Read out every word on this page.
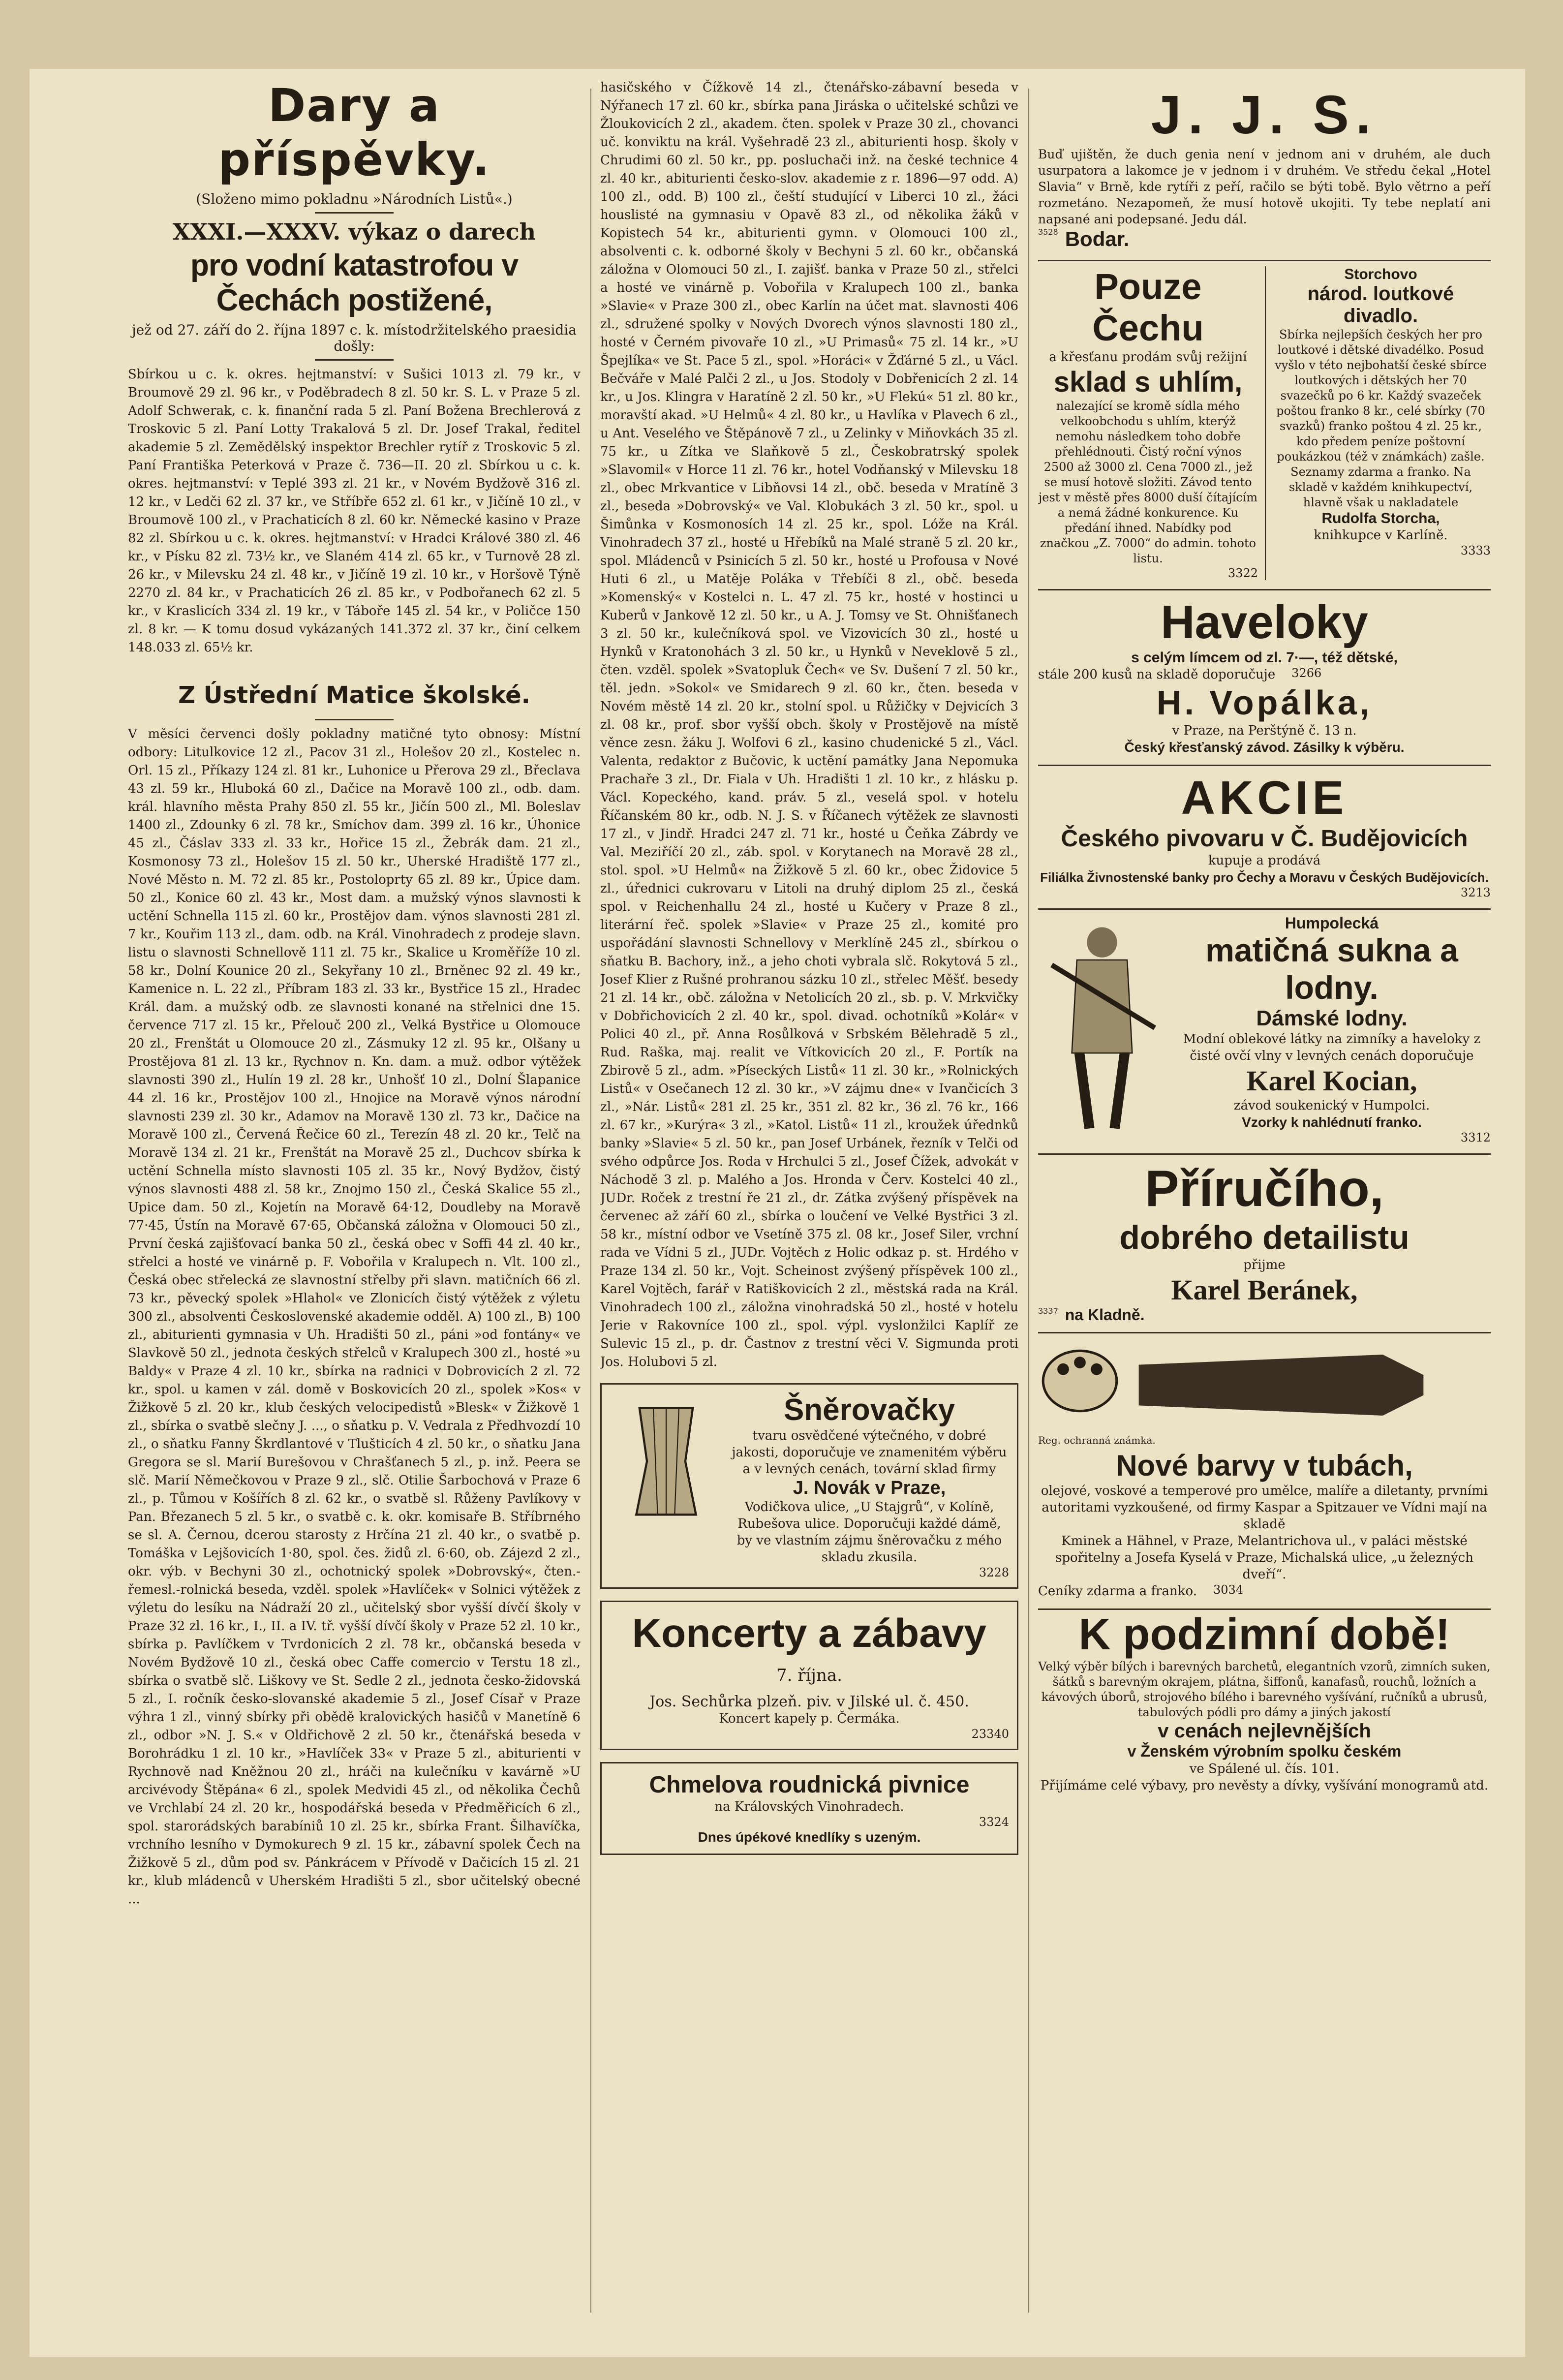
Dary a příspěvky.
(Složeno mimo pokladnu »Národních Listů«.)
XXXI.—XXXV. výkaz o darech
pro vodní katastrofou v Čechách postižené,
jež od 27. září do 2. října 1897 c. k. místodržitelského praesidia došly:

Sbírkou u c. k. okres. hejtmanství: v Sušici 1013 zl. 79 kr., v Broumově 29 zl. 96 kr., v Poděbradech 8 zl. 50 kr. S. L. v Praze 5 zl. Adolf Schwerak, c. k. finanční rada 5 zl. Paní Božena Brechlerová z Troskovic 5 zl. Paní Lotty Trakalová 5 zl. Dr. Josef Trakal, ředitel akademie 5 zl. Zemědělský inspektor Brechler rytíř z Troskovic 5 zl. Paní Františka Peterková v Praze č. 736—II. 20 zl. Sbírkou u c. k. okres. hejtmanství: v Teplé 393 zl. 21 kr., v Novém Bydžově 316 zl. 12 kr., v Ledči 62 zl. 37 kr., ve Stříbře 652 zl. 61 kr., v Jičíně 10 zl., v Broumově 100 zl., v Prachaticích 8 zl. 60 kr. Německé kasino v Praze 82 zl. Sbírkou u c. k. okres. hejtmanství: v Hradci Králové 380 zl. 46 kr., v Písku 82 zl. 73½ kr., ve Slaném 414 zl. 65 kr., v Turnově 28 zl. 26 kr., v Milevsku 24 zl. 48 kr., v Jičíně 19 zl. 10 kr., v Horšově Týně 2270 zl. 84 kr., v Prachaticích 26 zl. 85 kr., v Podbořanech 62 zl. 5 kr., v Kraslicích 334 zl. 19 kr., v Táboře 145 zl. 54 kr., v Poličce 150 zl. 8 kr. — K tomu dosud vykázaných 141.372 zl. 37 kr., činí celkem 148.033 zl. 65½ kr.

Z Ústřední Matice školské.

V měsíci červenci došly pokladny matičné tyto obnosy: Místní odbory: Litulkovice 12 zl., Pacov 31 zl., Holešov 20 zl., Kostelec n. Orl. 15 zl., Příkazy 124 zl. 81 kr., Luhonice u Přerova 29 zl., Břeclava 43 zl. 59 kr., Hluboká 60 zl., Dačice na Moravě 100 zl., odb. dam. král. hlavního města Prahy 850 zl. 55 kr., Jičín 500 zl., Ml. Boleslav 1400 zl., Zdounky 6 zl. 78 kr., Smíchov dam. 399 zl. 16 kr., Úhonice 45 zl., Čáslav 333 zl. 33 kr., Hořice 15 zl., Žebrák dam. 21 zl., Kosmonosy 73 zl., Holešov 15 zl. 50 kr., Uherské Hradiště 177 zl., Nové Město n. M. 72 zl. 85 kr., Postoloprty 65 zl. 89 kr., Úpice dam. 50 zl., Konice 60 zl. 43 kr., Most dam. a mužský výnos slavnosti k uctění Schnella 115 zl. 60 kr., Prostějov dam. výnos slavnosti 281 zl. 7 kr., Kouřim 113 zl., dam. odb. na Král. Vinohradech z prodeje slavn. listu o slavnosti Schnellově 111 zl. 75 kr., Skalice u Kroměříže 10 zl. 58 kr., Dolní Kounice 20 zl., Sekyřany 10 zl., Brněnec 92 zl. 49 kr., Kamenice n. L. 22 zl., Příbram 183 zl. 33 kr., Bystřice 15 zl., Hradec Král. dam. a mužský odb. ze slavnosti konané na střelnici dne 15. července 717 zl. 15 kr., Přelouč 200 zl., Velká Bystřice u Olomouce 20 zl., Frenštát u Olomouce 20 zl., Zásmuky 12 zl. 95 kr., Olšany u Prostějova 81 zl. 13 kr., Rychnov n. Kn. dam. a muž. odbor výtěžek slavnosti 390 zl., Hulín 19 zl. 28 kr., Unhošť 10 zl., Dolní Šlapanice 44 zl. 16 kr., Prostějov 100 zl., Hnojice na Moravě výnos národní slavnosti 239 zl. 30 kr., Adamov na Moravě 130 zl. 73 kr., Dačice na Moravě 100 zl., Červená Řečice 60 zl., Terezín 48 zl. 20 kr., Telč na Moravě 134 zl. 21 kr., Frenštát na Moravě 25 zl., Duchcov sbírka k uctění Schnella místo slavnosti 105 zl. 35 kr., Nový Bydžov, čistý výnos slavnosti 488 zl. 58 kr., Znojmo 150 zl., Česká Skalice 55 zl., Upice dam. 50 zl., Kojetín na Moravě 64·12, Doudleby na Moravě 77·45, Ústín na Moravě 67·65, Občanská záložna v Olomouci 50 zl., První česká zajišťovací banka 50 zl., česká obec v Soffi 44 zl. 40 kr., střelci a hosté ve vinárně p. F. Vobořila v Kralupech n. Vlt. 100 zl., Česká obec střelecká ze slavnostní střelby při slavn. matičních 66 zl. 73 kr., pěvecký spolek »Hlahol« ve Zlonicích čistý výtěžek z výletu 300 zl., absolventi Československé akademie odděl. A) 100 zl., B) 100 zl., abiturienti gymnasia v Uh. Hradišti 50 zl., páni »od fontány« ve Slavkově 50 zl., jednota českých střelců v Kralupech 300 zl., hosté »u Baldy« v Praze 4 zl. 10 kr., sbírka na radnici v Dobrovicích 2 zl. 72 kr., spol. u kamen v zál. domě v Boskovicích 20 zl., spolek »Kos« v Žižkově 5 zl. 20 kr., klub českých velocipedistů »Blesk« v Žižkově 1 zl., sbírka o svatbě slečny J. ..., o sňatku p. V. Vedrala z Předhvozdí 10 zl., o sňatku Fanny Škrdlantové v Tlušticích 4 zl. 50 kr., o sňatku Jana Gregora se sl. Marií Burešovou v Chrašťanech 5 zl., p. inž. Peera se slč. Marií Němečkovou v Praze 9 zl., slč. Otilie Šarbochová v Praze 6 zl., p. Tůmou v Košířích 8 zl. 62 kr., o svatbě sl. Růženy Pavlíkovy v Pan. Březanech 5 zl. 5 kr., o svatbě c. k. okr. komisaře B. Stříbrného se sl. A. Černou, dcerou starosty z Hrčína 21 zl. 40 kr., o svatbě p. Tomáška v Lejšovicích 1·80, spol. čes. židů zl. 6·60, ob. Zájezd 2 zl., okr. výb. v Bechyni 30 zl., ochotnický spolek »Dobrovský«, čten.-řemesl.-rolnická beseda, vzděl. spolek »Havlíček« v Solnici výtěžek z výletu do lesíku na Nádraží 20 zl., učitelský sbor vyšší dívčí školy v Praze 32 zl. 16 kr., I., II. a IV. tř. vyšší dívčí školy v Praze 52 zl. 10 kr., sbírka p. Pavlíčkem v Tvrdonicích 2 zl. 78 kr., občanská beseda v Novém Bydžově 10 zl., česká obec Caffe comercio v Terstu 18 zl., sbírka o svatbě slč. Liškovy ve St. Sedle 2 zl., jednota česko-židovská 5 zl., I. ročník česko-slovanské akademie 5 zl., Josef Císař v Praze výhra 1 zl., vinný sbírky při obědě kralovických hasičů v Manetíně 6 zl., odbor »N. J. S.« v Oldřichově 2 zl. 50 kr., čtenářská beseda v Borohrádku 1 zl. 10 kr., »Havlíček 33« v Praze 5 zl., abiturienti v Rychnově nad Kněžnou 20 zl., hráči na kulečníku v kavárně »U arcivévody Štěpána« 6 zl., spolek Medvidi 45 zl., od několika Čechů ve Vrchlabí 24 zl. 20 kr., hospodářská beseda v Předměřicích 6 zl., spol. starorádských barabíniů 10 zl. 25 kr., sbírka Frant. Šilhavíčka, vrchního lesního v Dymokurech 9 zl. 15 kr., zábavní spolek Čech na Žižkově 5 zl., dům pod sv. Pánkrácem v Přívodě v Dačicích 15 zl. 21 kr., klub mládenců v Uherském Hradišti 5 zl., sbor učitelský obecné ...

hasičského v Čížkově 14 zl., čtenářsko-zábavní beseda v Nýřanech 17 zl. 60 kr., sbírka pana Jiráska o učitelské schůzi ve Žloukovicích 2 zl., akadem. čten. spolek v Praze 30 zl., chovanci uč. konviktu na král. Vyšehradě 23 zl., abiturienti hosp. školy v Chrudimi 60 zl. 50 kr., pp. posluchači inž. na české technice 4 zl. 40 kr., abiturienti česko-slov. akademie z r. 1896—97 odd. A) 100 zl., odd. B) 100 zl., čeští studující v Liberci 10 zl., žáci houslisté na gymnasiu v Opavě 83 zl., od několika žáků v Kopistech 54 kr., abiturienti gymn. v Olomouci 100 zl., absolventi c. k. odborné školy v Bechyni 5 zl. 60 kr., občanská záložna v Olomouci 50 zl., I. zajišť. banka v Praze 50 zl., střelci a hosté ve vinárně p. Vobořila v Kralupech 100 zl., banka »Slavie« v Praze 300 zl., obec Karlín na účet mat. slavnosti 406 zl., sdružené spolky v Nových Dvorech výnos slavnosti 180 zl., hosté v Černém pivovaře 10 zl., »U Primasů« 75 zl. 14 kr., »U Špejlíka« ve St. Pace 5 zl., spol. »Horáci« v Žďárné 5 zl., u Václ. Bečváře v Malé Palči 2 zl., u Jos. Stodoly v Dobřenicích 2 zl. 14 kr., u Jos. Klingra v Haratíně 2 zl. 50 kr., »U Flekú« 51 zl. 80 kr., moravští akad. »U Helmů« 4 zl. 80 kr., u Havlíka v Plavech 6 zl., u Ant. Veselého ve Štěpánově 7 zl., u Zelinky v Miňovkách 35 zl. 75 kr., u Zítka ve Slaňkově 5 zl., Českobratrský spolek »Slavomil« v Horce 11 zl. 76 kr., hotel Vodňanský v Milevsku 18 zl., obec Mrkvantice v Libňovsi 14 zl., obč. beseda v Mratíně 3 zl., beseda »Dobrovský« ve Val. Klobukách 3 zl. 50 kr., spol. u Šimůnka v Kosmonosích 14 zl. 25 kr., spol. Lóže na Král. Vinohradech 37 zl., hosté u Hřebíků na Malé straně 5 zl. 20 kr., spol. Mládenců v Psinicích 5 zl. 50 kr., hosté u Profousa v Nové Huti 6 zl., u Matěje Poláka v Třebíči 8 zl., obč. beseda »Komenský« v Kostelci n. L. 47 zl. 75 kr., hosté v hostinci u Kuberů v Jankově 12 zl. 50 kr., u A. J. Tomsy ve St. Ohnišťanech 3 zl. 50 kr., kulečníková spol. ve Vizovicích 30 zl., hosté u Hynků v Kratonohách 3 zl. 50 kr., u Hynků v Neveklově 5 zl., čten. vzděl. spolek »Svatopluk Čech« ve Sv. Dušení 7 zl. 50 kr., těl. jedn. »Sokol« ve Smidarech 9 zl. 60 kr., čten. beseda v Novém městě 14 zl. 20 kr., stolní spol. u Růžičky v Dejvicích 3 zl. 08 kr., prof. sbor vyšší obch. školy v Prostějově na místě věnce zesn. žáku J. Wolfovi 6 zl., kasino chudenické 5 zl., Václ. Valenta, redaktor z Bučovic, k uctění památky Jana Nepomuka Prachaře 3 zl., Dr. Fiala v Uh. Hradišti 1 zl. 10 kr., z hlásku p. Václ. Kopeckého, kand. práv. 5 zl., veselá spol. v hotelu Říčanském 80 kr., odb. N. J. S. v Říčanech výtěžek ze slavnosti 17 zl., v Jindř. Hradci 247 zl. 71 kr., hosté u Čeňka Zábrdy ve Val. Meziříčí 20 zl., záb. spol. v Korytanech na Moravě 28 zl., stol. spol. »U Helmů« na Žižkově 5 zl. 60 kr., obec Židovice 5 zl., úřednici cukrovaru v Litoli na druhý diplom 25 zl., česká spol. v Reichenhallu 24 zl., hosté u Kučery v Praze 8 zl., literární řeč. spolek »Slavie« v Praze 25 zl., komité pro uspořádání slavnosti Schnellovy v Merklíně 245 zl., sbírkou o sňatku B. Bachory, inž., a jeho choti vybrala slč. Rokytová 5 zl., Josef Klier z Rušné prohranou sázku 10 zl., střelec Měšť. besedy 21 zl. 14 kr., obč. záložna v Netolicích 20 zl., sb. p. V. Mrkvičky v Dobřichovicích 2 zl. 40 kr., spol. divad. ochotníků »Kolár« v Polici 40 zl., př. Anna Rosůlková v Srbském Bělehradě 5 zl., Rud. Raška, maj. realit ve Vítkovicích 20 zl., F. Portík na Zbirově 5 zl., adm. »Píseckých Listů« 11 zl. 30 kr., »Rolnických Listů« v Osečanech 12 zl. 30 kr., »V zájmu dne« v Ivančicích 3 zl., »Nár. Listů« 281 zl. 25 kr., 351 zl. 82 kr., 36 zl. 76 kr., 166 zl. 67 kr., »Kurýra« 3 zl., »Katol. Listů« 11 zl., kroužek úřednků banky »Slavie« 5 zl. 50 kr., pan Josef Urbánek, řezník v Telči od svého odpůrce Jos. Roda v Hrchulci 5 zl., Josef Čížek, advokát v Náchodě 3 zl. p. Malého a Jos. Hronda v Červ. Kostelci 40 zl., JUDr. Roček z trestní ře 21 zl., dr. Zátka zvýšený příspěvek na červenec až září 60 zl., sbírka o loučení ve Velké Bystřici 3 zl. 58 kr., místní odbor ve Vsetíně 375 zl. 08 kr., Josef Siler, vrchní rada ve Vídni 5 zl., JUDr. Vojtěch z Holic odkaz p. st. Hrdého v Praze 134 zl. 50 kr., Vojt. Scheinost zvýšený příspěvek 100 zl., Karel Vojtěch, farář v Ratiškovicích 2 zl., městská rada na Král. Vinohradech 100 zl., záložna vinohradská 50 zl., hosté v hotelu Jerie v Rakovníce 100 zl., spol. výpl. vyslonžilci Kaplíř ze Sulevic 15 zl., p. dr. Častnov z trestní věci V. Sigmunda proti Jos. Holubovi 5 zl.

Šněrovačky
tvaru osvědčené výtečného, v dobré jakosti, doporučuje ve znamenitém výběru a v levných cenách, tovární sklad firmy
J. Novák v Praze,
Vodičkova ulice, „U Stajgrů“, v Kolíně, Rubešova ulice. Doporučuji každé dámě, by ve vlastním zájmu šněrovačku z mého skladu zkusila.
3228
Koncerty a zábavy
7. října.
Jos. Sechůrka plzeň. piv. v Jilské ul. č. 450.
Koncert kapely p. Čermáka.
23340
Chmelova roudnická pivnice
na Královských Vinohradech.
3324
Dnes úpékové knedlíky s uzeným.
J. J. S.

Buď ujištěn, že duch genia není v jednom ani v druhém, ale duch usurpatora a lakomce je v jednom i v druhém. Ve středu čekal „Hotel Slavia“ v Brně, kde rytíři z peří, račilo se býti tobě. Bylo větrno a peří rozmetáno. Nezapomeň, že musí hotově ukojiti. Ty tebe neplatí ani napsané ani podepsané. Jedu dál.

3528 Bodar.
Pouze Čechu
a křesťanu prodám svůj režijní
sklad s uhlím,
nalezající se kromě sídla mého velkoobchodu s uhlím, kterýž nemohu následkem toho dobře přehlédnouti. Čistý roční výnos 2500 až 3000 zl. Cena 7000 zl., jež se musí hotově složiti. Závod tento jest v městě přes 8000 duší čítajícím a nemá žádné konkurence. Ku předání ihned. Nabídky pod značkou „Z. 7000“ do admin. tohoto listu.
3322
Storchovo
národ. loutkové divadlo.
Sbírka nejlepších českých her pro loutkové i dětské divadélko. Posud vyšlo v této nejbohatší české sbírce loutkových i dětských her 70 svazečků po 6 kr. Každý svazeček poštou franko 8 kr., celé sbírky (70 svazků) franko poštou 4 zl. 25 kr., kdo předem peníze poštovní poukázkou (též v známkách) zašle.
Seznamy zdarma a franko. Na skladě v každém knihkupectví, hlavně však u nakladatele
Rudolfa Storcha,
knihkupce v Karlíně.
3333
Haveloky
s celým límcem od zl. 7·—, též dětské,
stále 200 kusů na skladě doporučuje	3266
H. Vopálka,
v Praze, na Perštýně č. 13 n.
Český křesťanský závod. Zásilky k výběru.
AKCIE
Českého pivovaru v Č. Budějovicích
kupuje a prodává
Filiálka Živnostenské banky pro Čechy a Moravu v Českých Budějovicích.
3213
Humpolecká
matičná sukna a lodny.
Dámské lodny.
Modní oblekové látky na zimníky a haveloky z čisté ovčí vlny v levných cenách doporučuje
Karel Kocian,
závod soukenický v Humpolci.
Vzorky k nahlédnutí franko.
3312
Příručího,
dobrého detailistu
přijme
Karel Beránek,
3337 na Kladně.
Reg. ochranná známka.
Nové barvy v tubách,
olejové, voskové a temperové pro umělce, malíře a diletanty, prvními autoritami vyzkoušené, od firmy Kaspar a Spitzauer ve Vídni mají na skladě
Kminek a Hähnel, v Praze, Melantrichova ul., v paláci městské spořitelny a Josefa Kyselá v Praze, Michalská ulice, „u železných dveří“.
Ceníky zdarma a franko.	3034
K podzimní době!
Velký výběr bílých i barevných barchetů, elegantních vzorů, zimních suken, šátků s barevným okrajem, plátna, šiffonů, kanafasů, rouchů, ložních a kávových úborů, strojového bílého i barevného vyšívání, ručníků a ubrusů, tabulových pódli pro dámy a jiných jakostí
v cenách nejlevnějších
v Ženském výrobním spolku českém
ve Spálené ul. čís. 101.
Přijímáme celé výbavy, pro nevěsty a dívky, vyšívání monogramů atd.
